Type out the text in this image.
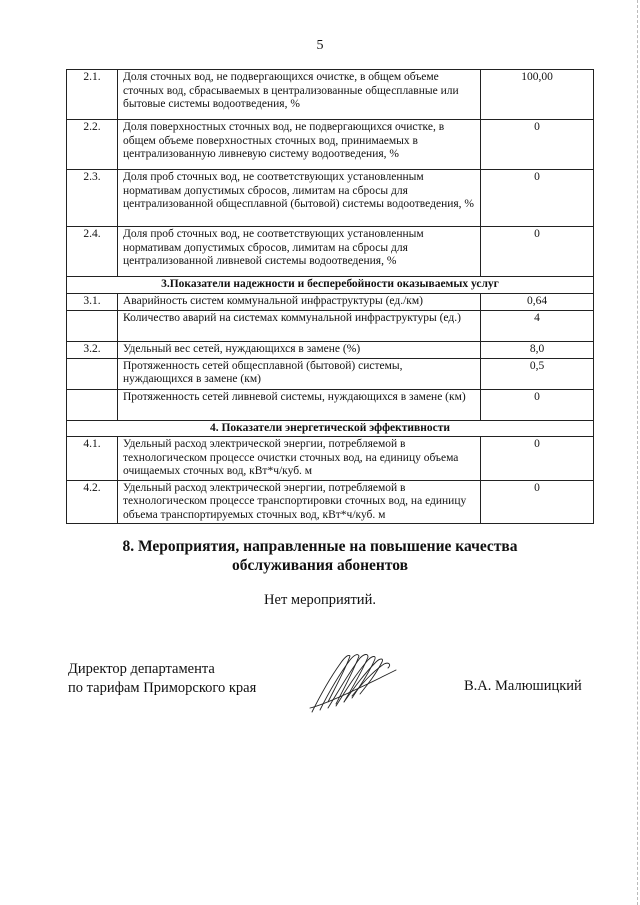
5
2.1.	Доля сточных вод, не подвергающихся очистке, в общем объеме сточных вод, сбрасываемых в централизованные общесплавные или бытовые системы водоотведения, %	100,00
2.2.	Доля поверхностных сточных вод, не подвергающихся очистке, в общем объеме поверхностных сточных вод, принимаемых в централизованную ливневую систему водоотведения, %	0
2.3.	Доля проб сточных вод, не соответствующих установленным нормативам допустимых сбросов, лимитам на сбросы для централизованной общесплавной (бытовой) системы водоотведения, %	0
2.4.	Доля проб сточных вод, не соответствующих установленным нормативам допустимых сбросов, лимитам на сбросы для централизованной ливневой системы водоотведения, %	0
3.Показатели надежности и бесперебойности оказываемых услуг		
3.1.	Аварийность систем коммунальной инфраструктуры (ед./км)	0,64
	Количество аварий на системах коммунальной инфраструктуры (ед.)	4
3.2.	Удельный вес сетей, нуждающихся в замене (%)	8,0
	Протяженность сетей общесплавной (бытовой) системы, нуждающихся в замене (км)	0,5
	Протяженность сетей ливневой системы, нуждающихся в замене (км)	0
4. Показатели энергетической эффективности		
4.1.	Удельный расход электрической энергии, потребляемой в технологическом процессе очистки сточных вод, на единицу объема очищаемых сточных вод, кВт*ч/куб. м	0
4.2.	Удельный расход электрической энергии, потребляемой в технологическом процессе транспортировки сточных вод, на единицу объема транспортируемых сточных вод, кВт*ч/куб. м	0
8. Мероприятия, направленные на повышение качества
обслуживания абонентов
Нет мероприятий.
Директор департамента
по тарифам Приморского края	В.А. Малюшицкий
